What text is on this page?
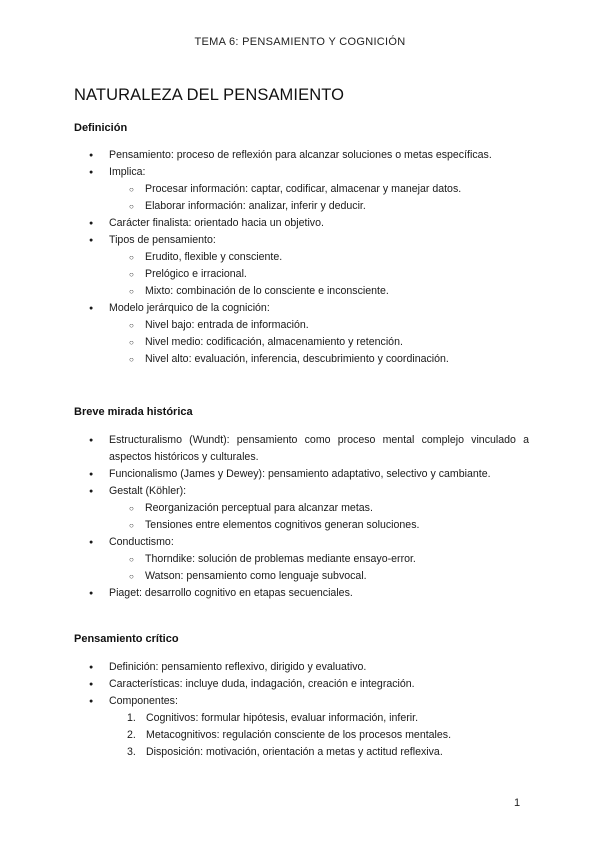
TEMA 6: PENSAMIENTO Y COGNICIÓN
NATURALEZA DEL PENSAMIENTO
Definición
● Pensamiento: proceso de reflexión para alcanzar soluciones o metas específicas.
● Implica:
○ Procesar información: captar, codificar, almacenar y manejar datos.
○ Elaborar información: analizar, inferir y deducir.
● Carácter finalista: orientado hacia un objetivo.
● Tipos de pensamiento:
○ Erudito, flexible y consciente.
○ Prelógico e irracional.
○ Mixto: combinación de lo consciente e inconsciente.
● Modelo jerárquico de la cognición:
○ Nivel bajo: entrada de información.
○ Nivel medio: codificación, almacenamiento y retención.
○ Nivel alto: evaluación, inferencia, descubrimiento y coordinación.
Breve mirada histórica
● Estructuralismo (Wundt): pensamiento como proceso mental complejo vinculado a aspectos históricos y culturales.
● Funcionalismo (James y Dewey): pensamiento adaptativo, selectivo y cambiante.
● Gestalt (Köhler):
○ Reorganización perceptual para alcanzar metas.
○ Tensiones entre elementos cognitivos generan soluciones.
● Conductismo:
○ Thorndike: solución de problemas mediante ensayo-error.
○ Watson: pensamiento como lenguaje subvocal.
● Piaget: desarrollo cognitivo en etapas secuenciales.
Pensamiento crítico
● Definición: pensamiento reflexivo, dirigido y evaluativo.
● Características: incluye duda, indagación, creación e integración.
● Componentes:
1. Cognitivos: formular hipótesis, evaluar información, inferir.
2. Metacognitivos: regulación consciente de los procesos mentales.
3. Disposición: motivación, orientación a metas y actitud reflexiva.
1
